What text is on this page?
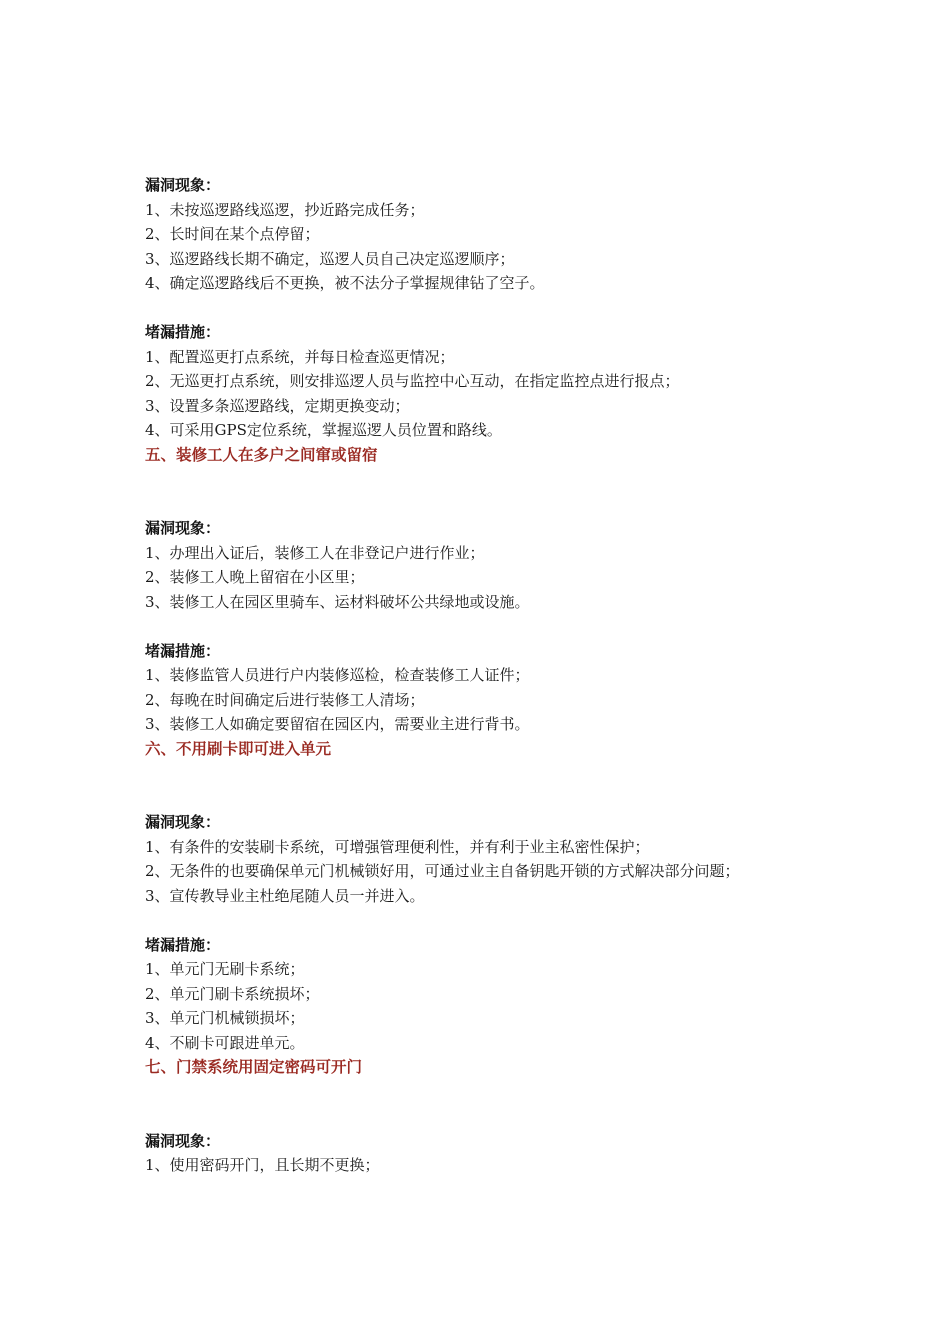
漏洞现象：

1、未按巡逻路线巡逻，抄近路完成任务；

2、长时间在某个点停留；

3、巡逻路线长期不确定，巡逻人员自己决定巡逻顺序；

4、确定巡逻路线后不更换，被不法分子掌握规律钻了空子。

堵漏措施：

1、配置巡更打点系统，并每日检查巡更情况；

2、无巡更打点系统，则安排巡逻人员与监控中心互动，在指定监控点进行报点；

3、设置多条巡逻路线，定期更换变动；

4、可采用GPS定位系统，掌握巡逻人员位置和路线。

五、装修工人在多户之间窜或留宿

漏洞现象：

1、办理出入证后，装修工人在非登记户进行作业；

2、装修工人晚上留宿在小区里；

3、装修工人在园区里骑车、运材料破坏公共绿地或设施。

堵漏措施：

1、装修监管人员进行户内装修巡检，检查装修工人证件；

2、每晚在时间确定后进行装修工人清场；

3、装修工人如确定要留宿在园区内，需要业主进行背书。

六、不用刷卡即可进入单元

漏洞现象：

1、有条件的安装刷卡系统，可增强管理便利性，并有利于业主私密性保护；

2、无条件的也要确保单元门机械锁好用，可通过业主自备钥匙开锁的方式解决部分问题；

3、宣传教导业主杜绝尾随人员一并进入。

堵漏措施：

1、单元门无刷卡系统；

2、单元门刷卡系统损坏；

3、单元门机械锁损坏；

4、不刷卡可跟进单元。

七、门禁系统用固定密码可开门

漏洞现象：

1、使用密码开门，且长期不更换；
